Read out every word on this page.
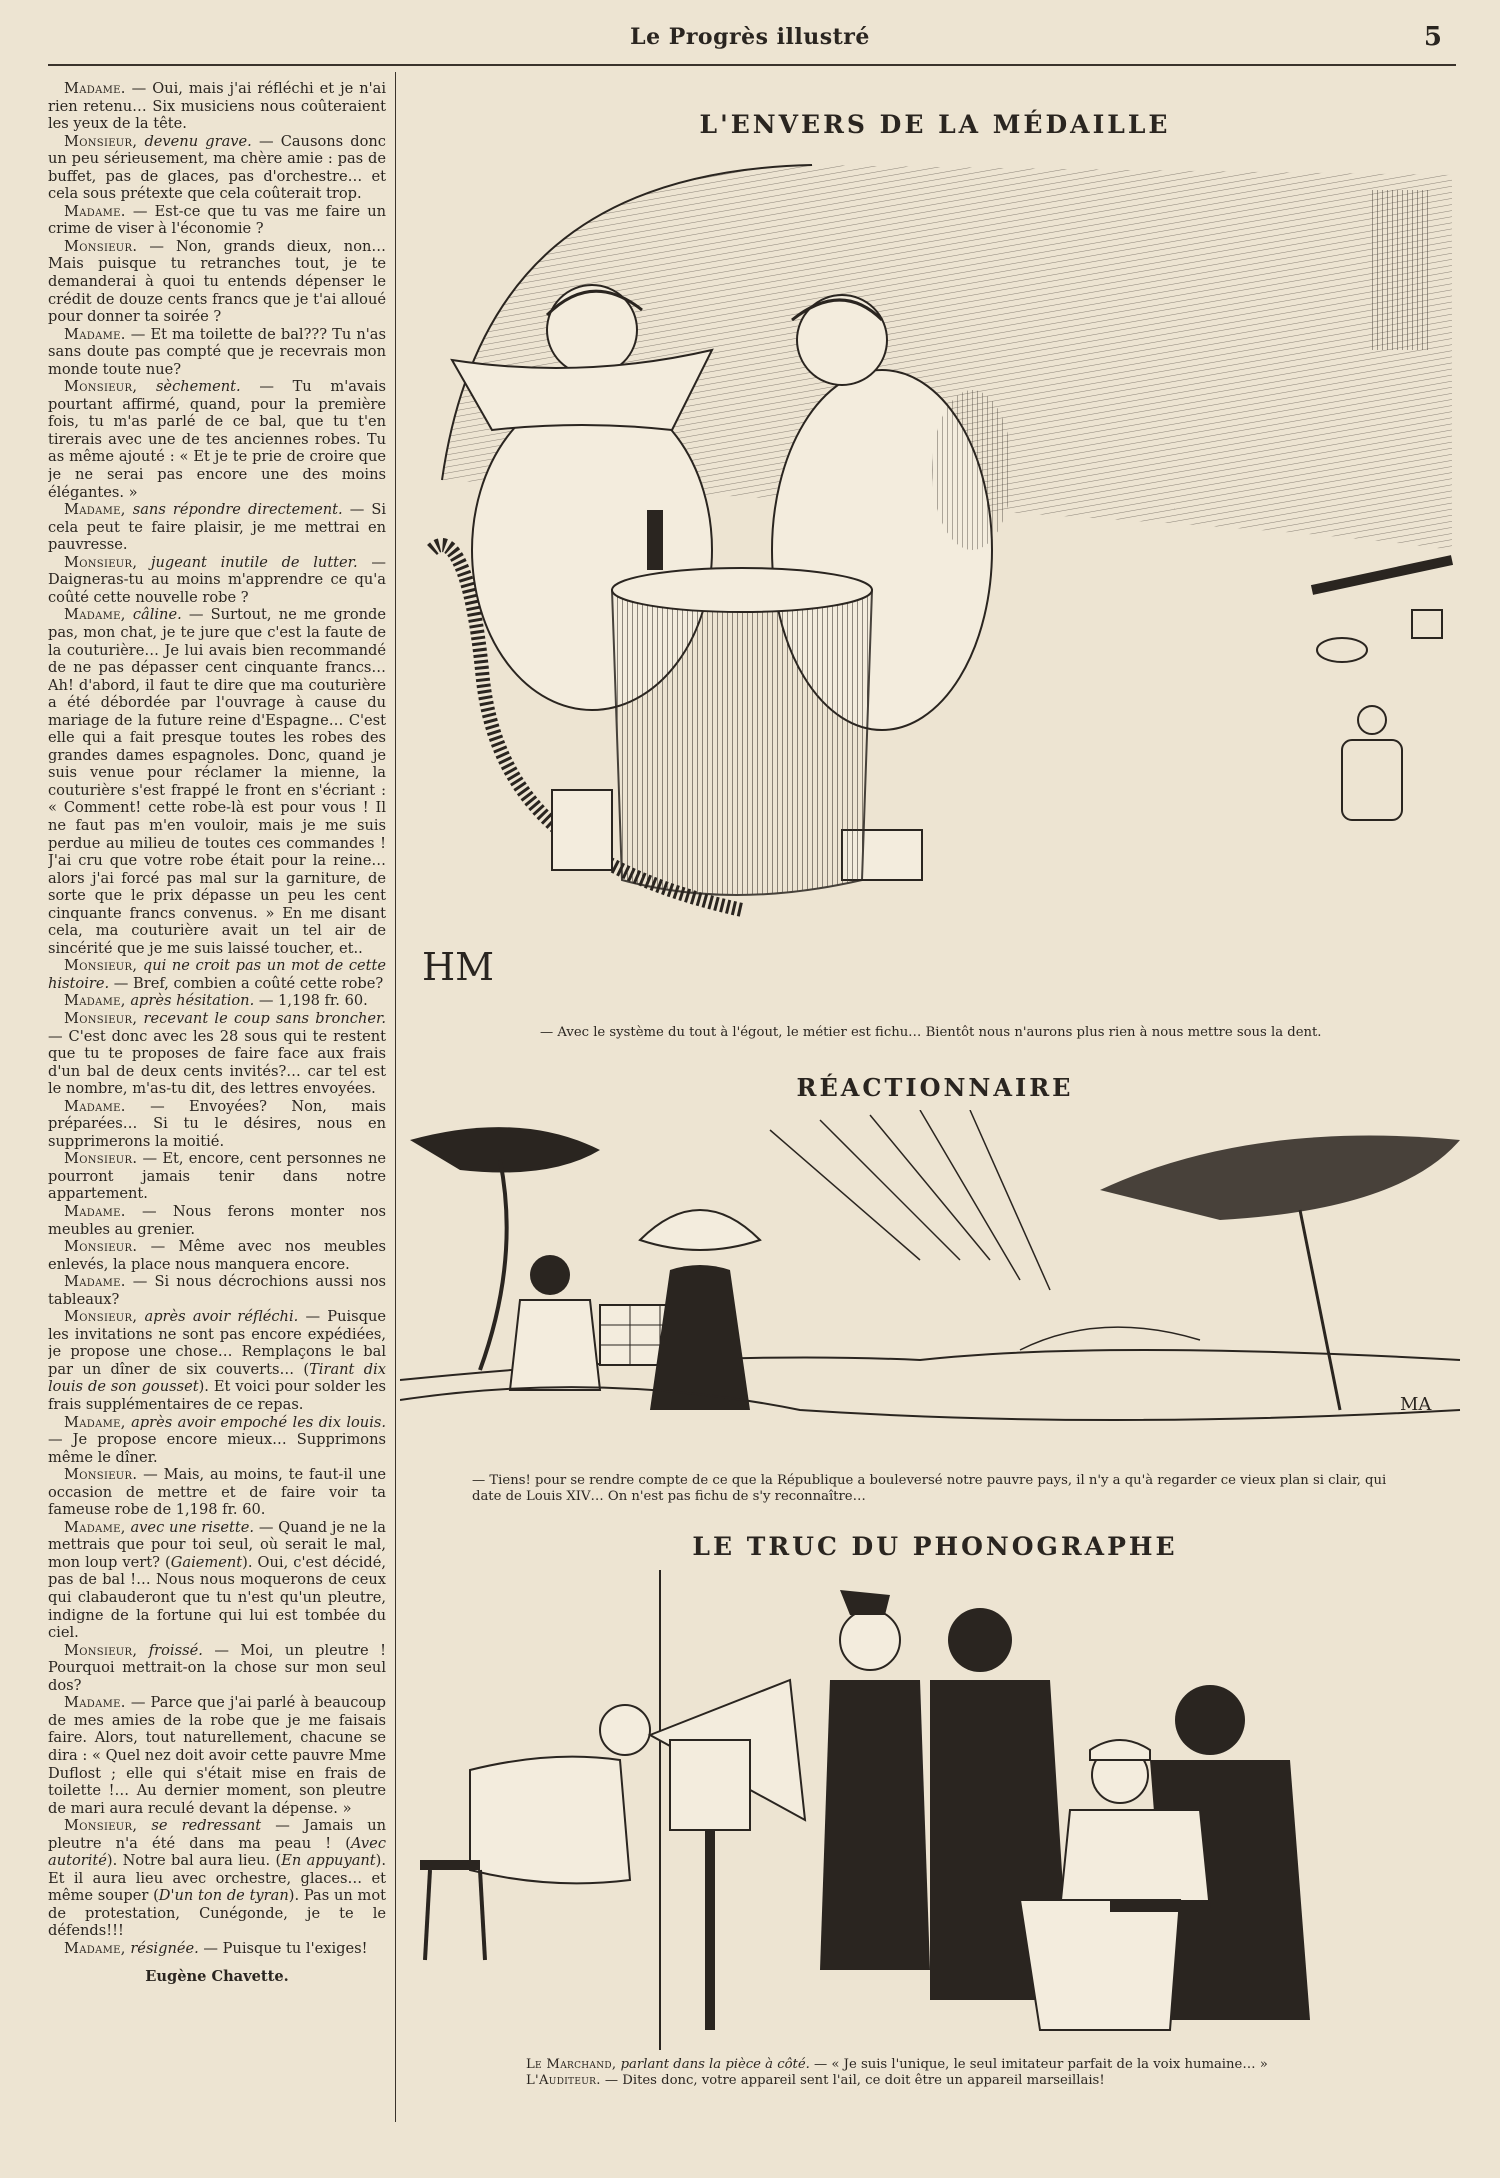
Le Progrès illustré	5

Madame. — Oui, mais j'ai réfléchi et je n'ai rien retenu… Six musiciens nous coûteraient les yeux de la tête.

Monsieur, devenu grave. — Causons donc un peu sérieusement, ma chère amie : pas de buffet, pas de glaces, pas d'orchestre… et cela sous prétexte que cela coûterait trop.

Madame. — Est-ce que tu vas me faire un crime de viser à l'économie ?

Monsieur. — Non, grands dieux, non… Mais puisque tu retranches tout, je te demanderai à quoi tu entends dépenser le crédit de douze cents francs que je t'ai alloué pour donner ta soirée ?

Madame. — Et ma toilette de bal??? Tu n'as sans doute pas compté que je recevrais mon monde toute nue?

Monsieur, sèchement. — Tu m'avais pourtant affirmé, quand, pour la première fois, tu m'as parlé de ce bal, que tu t'en tirerais avec une de tes anciennes robes. Tu as même ajouté : « Et je te prie de croire que je ne serai pas encore une des moins élégantes. »

Madame, sans répondre directement. — Si cela peut te faire plaisir, je me mettrai en pauvresse.

Monsieur, jugeant inutile de lutter. — Daigneras-tu au moins m'apprendre ce qu'a coûté cette nouvelle robe ?

Madame, câline. — Surtout, ne me gronde pas, mon chat, je te jure que c'est la faute de la couturière… Je lui avais bien recommandé de ne pas dépasser cent cinquante francs… Ah! d'abord, il faut te dire que ma couturière a été débordée par l'ouvrage à cause du mariage de la future reine d'Espagne… C'est elle qui a fait presque toutes les robes des grandes dames espagnoles. Donc, quand je suis venue pour réclamer la mienne, la couturière s'est frappé le front en s'écriant : « Comment! cette robe-là est pour vous ! Il ne faut pas m'en vouloir, mais je me suis perdue au milieu de toutes ces commandes ! J'ai cru que votre robe était pour la reine… alors j'ai forcé pas mal sur la garniture, de sorte que le prix dépasse un peu les cent cinquante francs convenus. » En me disant cela, ma couturière avait un tel air de sincérité que je me suis laissé toucher, et..

Monsieur, qui ne croit pas un mot de cette histoire. — Bref, combien a coûté cette robe?

Madame, après hésitation. — 1,198 fr. 60.

Monsieur, recevant le coup sans broncher. — C'est donc avec les 28 sous qui te restent que tu te proposes de faire face aux frais d'un bal de deux cents invités?… car tel est le nombre, m'as-tu dit, des lettres envoyées.

Madame. — Envoyées? Non, mais préparées… Si tu le désires, nous en supprimerons la moitié.

Monsieur. — Et, encore, cent personnes ne pourront jamais tenir dans notre appartement.

Madame. — Nous ferons monter nos meubles au grenier.

Monsieur. — Même avec nos meubles enlevés, la place nous manquera encore.

Madame. — Si nous décrochions aussi nos tableaux?

Monsieur, après avoir réfléchi. — Puisque les invitations ne sont pas encore expédiées, je propose une chose… Remplaçons le bal par un dîner de six couverts… (Tirant dix louis de son gousset). Et voici pour solder les frais supplémentaires de ce repas.

Madame, après avoir empoché les dix louis. — Je propose encore mieux… Supprimons même le dîner.

Monsieur. — Mais, au moins, te faut-il une occasion de mettre et de faire voir ta fameuse robe de 1,198 fr. 60.

Madame, avec une risette. — Quand je ne la mettrais que pour toi seul, où serait le mal, mon loup vert? (Gaiement). Oui, c'est décidé, pas de bal !… Nous nous moquerons de ceux qui clabauderont que tu n'est qu'un pleutre, indigne de la fortune qui lui est tombée du ciel.

Monsieur, froissé. — Moi, un pleutre ! Pourquoi mettrait-on la chose sur mon seul dos?

Madame. — Parce que j'ai parlé à beaucoup de mes amies de la robe que je me faisais faire. Alors, tout naturellement, chacune se dira : « Quel nez doit avoir cette pauvre Mme Duflost ; elle qui s'était mise en frais de toilette !… Au dernier moment, son pleutre de mari aura reculé devant la dépense. »

Monsieur, se redressant — Jamais un pleutre n'a été dans ma peau ! (Avec autorité). Notre bal aura lieu. (En appuyant). Et il aura lieu avec orchestre, glaces… et même souper (D'un ton de tyran). Pas un mot de protestation, Cunégonde, je te le défends!!!

Madame, résignée. — Puisque tu l'exiges!

Eugène Chavette.

L'ENVERS DE LA MÉDAILLE
HM
— Avec le système du tout à l'égout, le métier est fichu… Bientôt nous n'aurons plus rien à nous mettre sous la dent.
RÉACTIONNAIRE
MA
— Tiens! pour se rendre compte de ce que la République a bouleversé notre pauvre pays, il n'y a qu'à regarder ce vieux plan si clair, qui date de Louis XIV… On n'est pas fichu de s'y reconnaître…
LE TRUC DU PHONOGRAPHE
Le Marchand, parlant dans la pièce à côté. — « Je suis l'unique, le seul imitateur parfait de la voix humaine… »
L'Auditeur. — Dites donc, votre appareil sent l'ail, ce doit être un appareil marseillais!
